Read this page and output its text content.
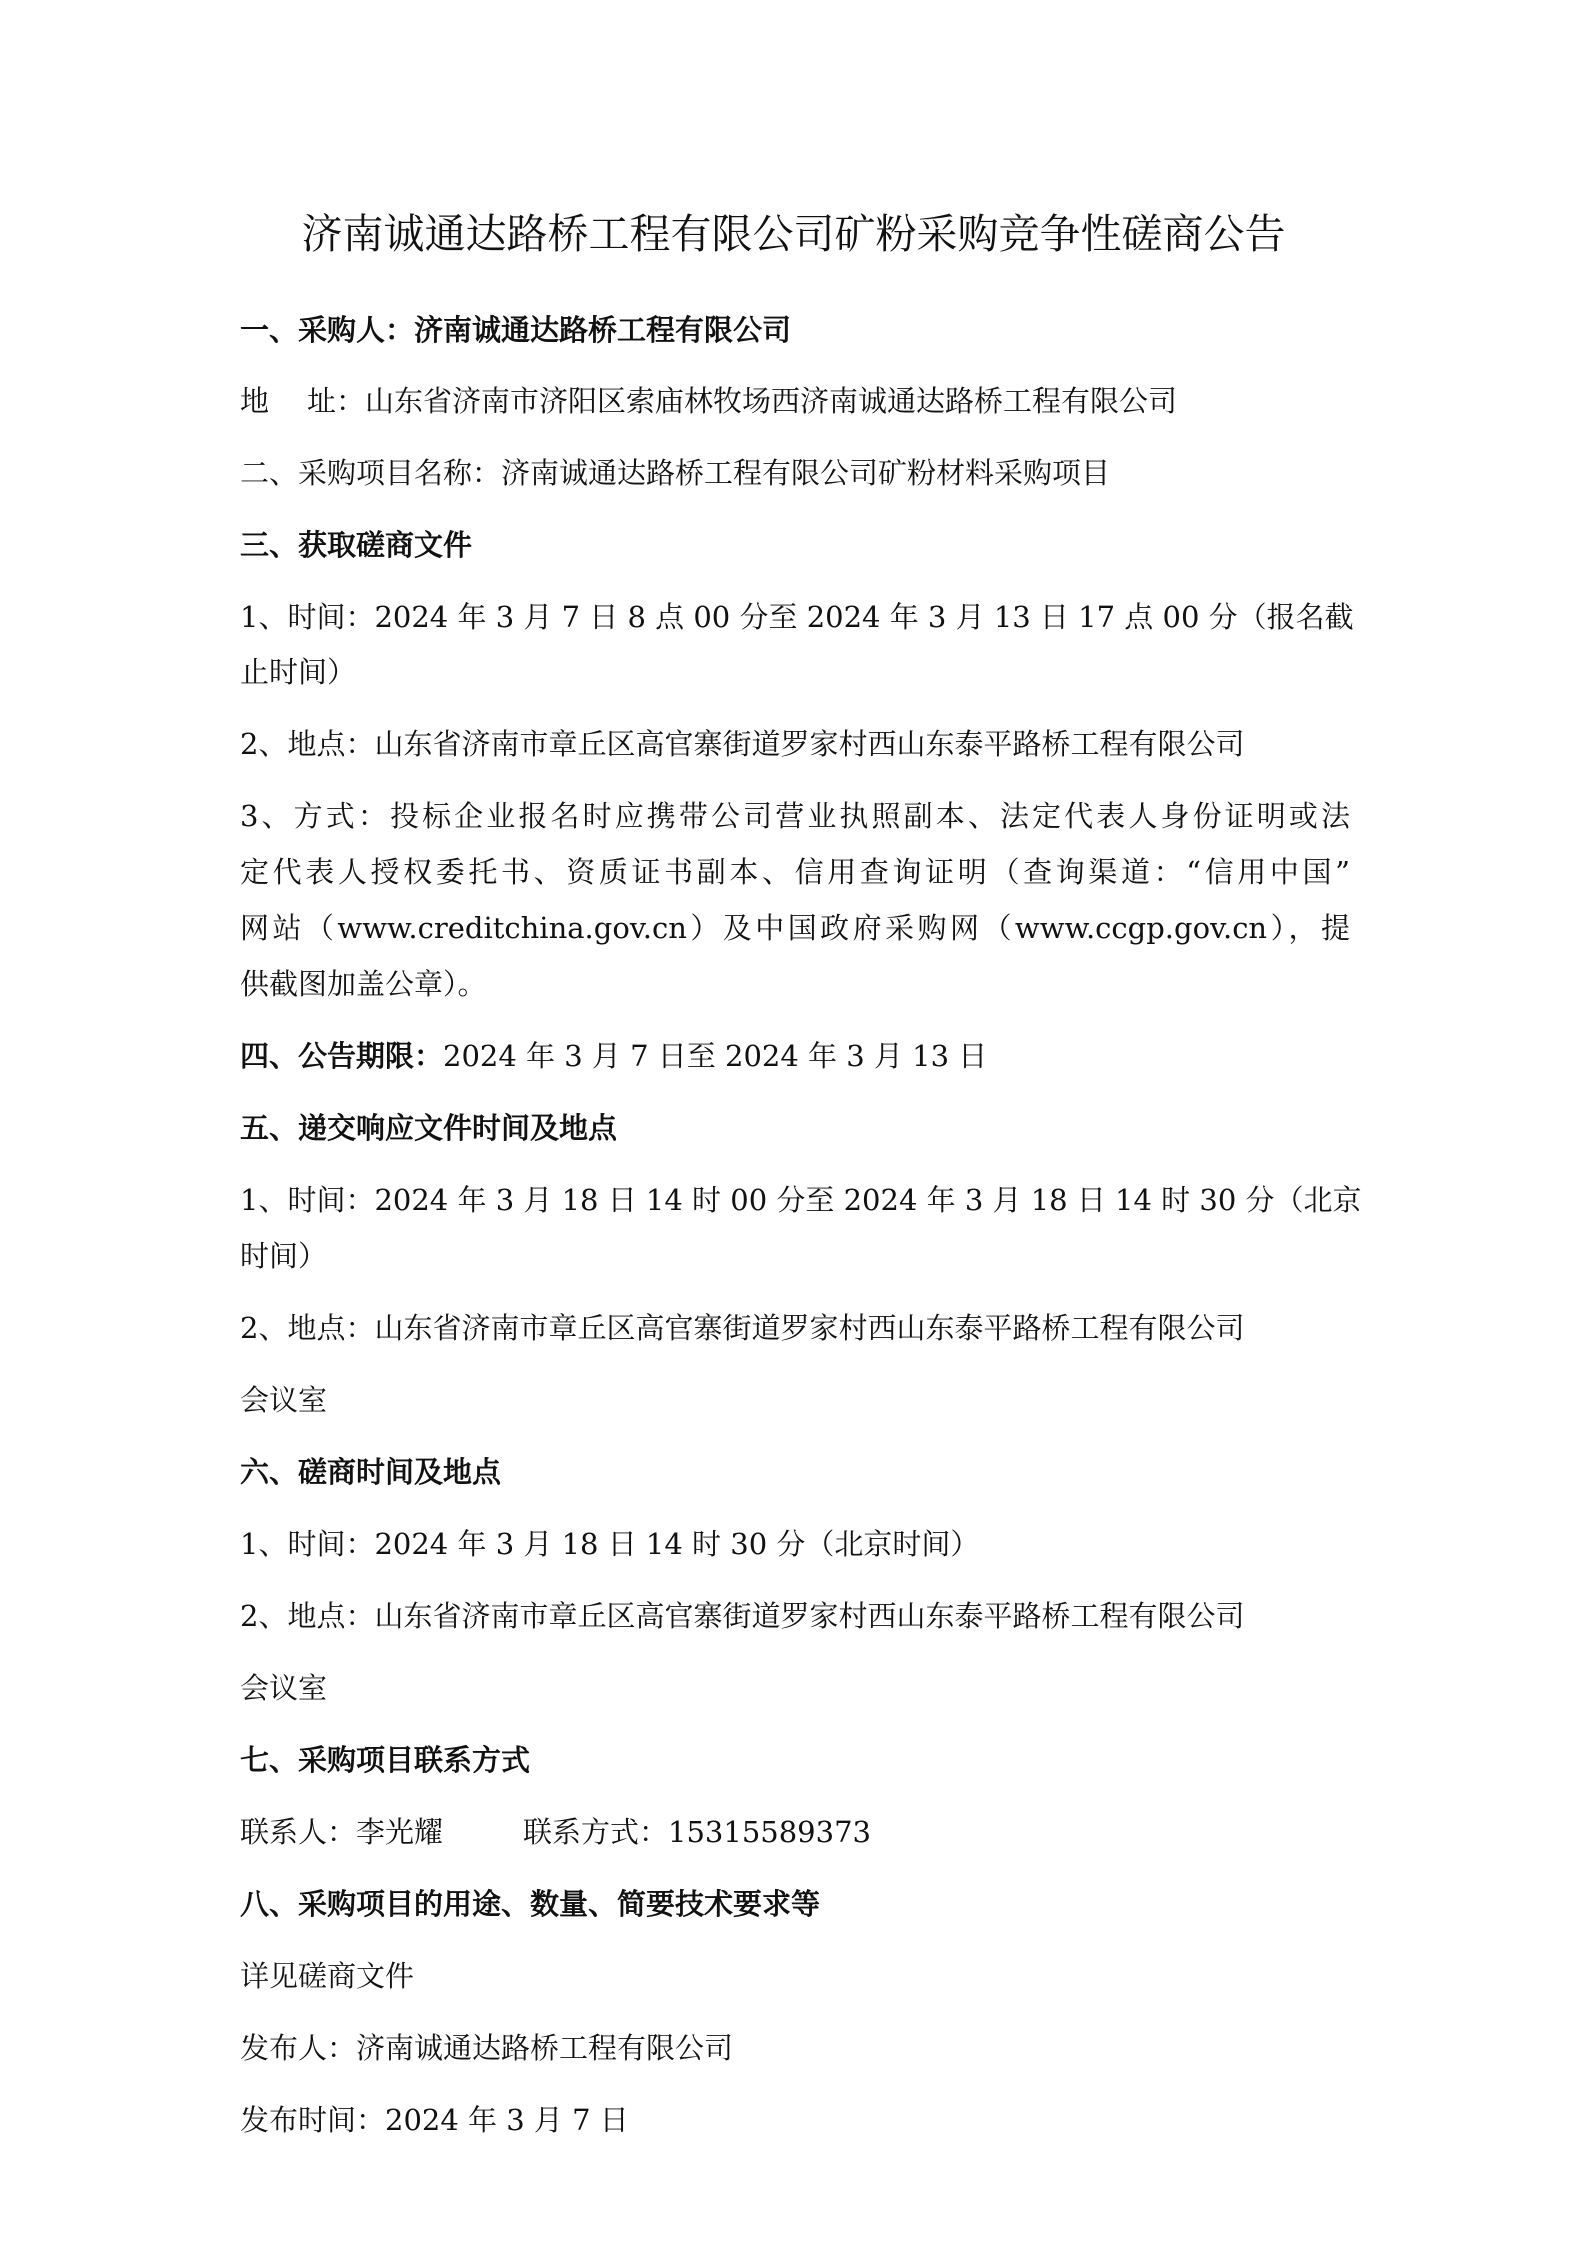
济南诚通达路桥工程有限公司矿粉采购竞争性磋商公告
一、采购人：济南诚通达路桥工程有限公司
地 址：山东省济南市济阳区索庙林牧场西济南诚通达路桥工程有限公司
二、采购项目名称：济南诚通达路桥工程有限公司矿粉材料采购项目
三、获取磋商文件
1、时间：2024 年 3 月 7 日 8 点 00 分至 2024 年 3 月 13 日 17 点 00 分（报名截
止时间）
2、地点：山东省济南市章丘区高官寨街道罗家村西山东泰平路桥工程有限公司
3、方式：投标企业报名时应携带公司营业执照副本、法定代表人身份证明或法
定代表人授权委托书、资质证书副本、信用查询证明（查询渠道：“信用中国”
网站（www.creditchina.gov.cn）及中国政府采购网（www.ccgp.gov.cn），提
供截图加盖公章）。
四、公告期限：2024 年 3 月 7 日至 2024 年 3 月 13 日
五、递交响应文件时间及地点
1、时间：2024 年 3 月 18 日 14 时 00 分至 2024 年 3 月 18 日 14 时 30 分（北京
时间）
2、地点：山东省济南市章丘区高官寨街道罗家村西山东泰平路桥工程有限公司
会议室
六、磋商时间及地点
1、时间：2024 年 3 月 18 日 14 时 30 分（北京时间）
2、地点：山东省济南市章丘区高官寨街道罗家村西山东泰平路桥工程有限公司
会议室
七、采购项目联系方式
联系人：李光耀	联系方式：15315589373
八、采购项目的用途、数量、简要技术要求等
详见磋商文件
发布人：济南诚通达路桥工程有限公司
发布时间：2024 年 3 月 7 日
